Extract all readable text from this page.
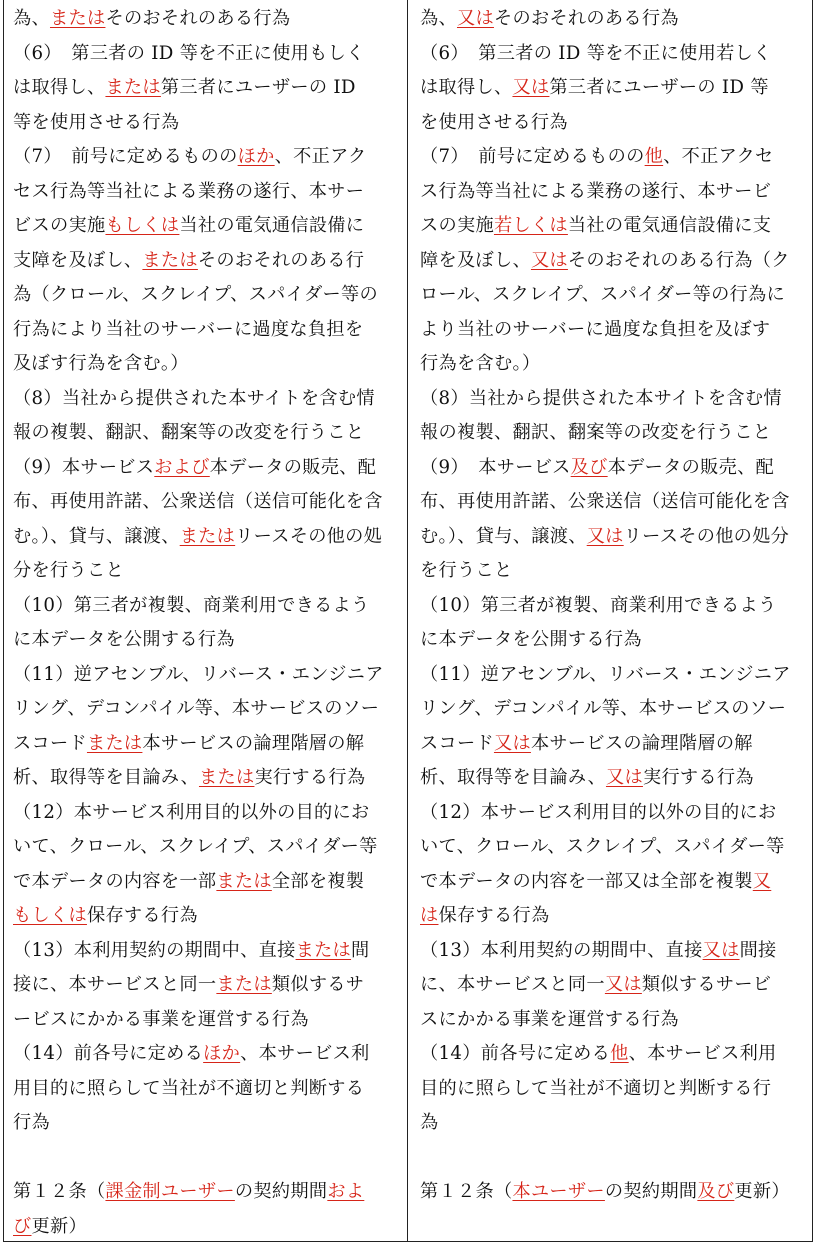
為、またはそのおそれのある行為
（6）　第三者の ID 等を不正に使用もしく
は取得し、または第三者にユーザーの ID
等を使用させる行為
（7）　前号に定めるもののほか、不正アク
セス行為等当社による業務の遂行、本サー
ビスの実施もしくは当社の電気通信設備に
支障を及ぼし、またはそのおそれのある行
為（クロール、スクレイプ、スパイダー等の
行為により当社のサーバーに過度な負担を
及ぼす行為を含む。）
（8）当社から提供された本サイトを含む情
報の複製、翻訳、翻案等の改変を行うこと
（9）本サービスおよび本データの販売、配
布、再使用許諾、公衆送信（送信可能化を含
む。）、貸与、譲渡、またはリースその他の処
分を行うこと
（10）第三者が複製、商業利用できるよう
に本データを公開する行為
（11）逆アセンブル、リバース・エンジニア
リング、デコンパイル等、本サービスのソー
スコードまたは本サービスの論理階層の解
析、取得等を目論み、または実行する行為
（12）本サービス利用目的以外の目的にお
いて、クロール、スクレイプ、スパイダー等
で本データの内容を一部または全部を複製
もしくは保存する行為
（13）本利用契約の期間中、直接または間
接に、本サービスと同一または類似するサ
ービスにかかる事業を運営する行為
（14）前各号に定めるほか、本サービス利
用目的に照らして当社が不適切と判断する
行為
第１２条（課金制ユーザーの契約期間およ
び更新）
為、又はそのおそれのある行為
（6）　第三者の ID 等を不正に使用若しく
は取得し、又は第三者にユーザーの ID 等
を使用させる行為
（7）　前号に定めるものの他、不正アクセ
ス行為等当社による業務の遂行、本サービ
スの実施若しくは当社の電気通信設備に支
障を及ぼし、又はそのおそれのある行為（ク
ロール、スクレイプ、スパイダー等の行為に
より当社のサーバーに過度な負担を及ぼす
行為を含む。）
（8）当社から提供された本サイトを含む情
報の複製、翻訳、翻案等の改変を行うこと
（9）　本サービス及び本データの販売、配
布、再使用許諾、公衆送信（送信可能化を含
む。）、貸与、譲渡、又はリースその他の処分
を行うこと
（10）第三者が複製、商業利用できるよう
に本データを公開する行為
（11）逆アセンブル、リバース・エンジニア
リング、デコンパイル等、本サービスのソー
スコード又は本サービスの論理階層の解
析、取得等を目論み、又は実行する行為
（12）本サービス利用目的以外の目的にお
いて、クロール、スクレイプ、スパイダー等
で本データの内容を一部又は全部を複製又
は保存する行為
（13）本利用契約の期間中、直接又は間接
に、本サービスと同一又は類似するサービ
スにかかる事業を運営する行為
（14）前各号に定める他、本サービス利用
目的に照らして当社が不適切と判断する行
為
第１２条（本ユーザーの契約期間及び更新）
